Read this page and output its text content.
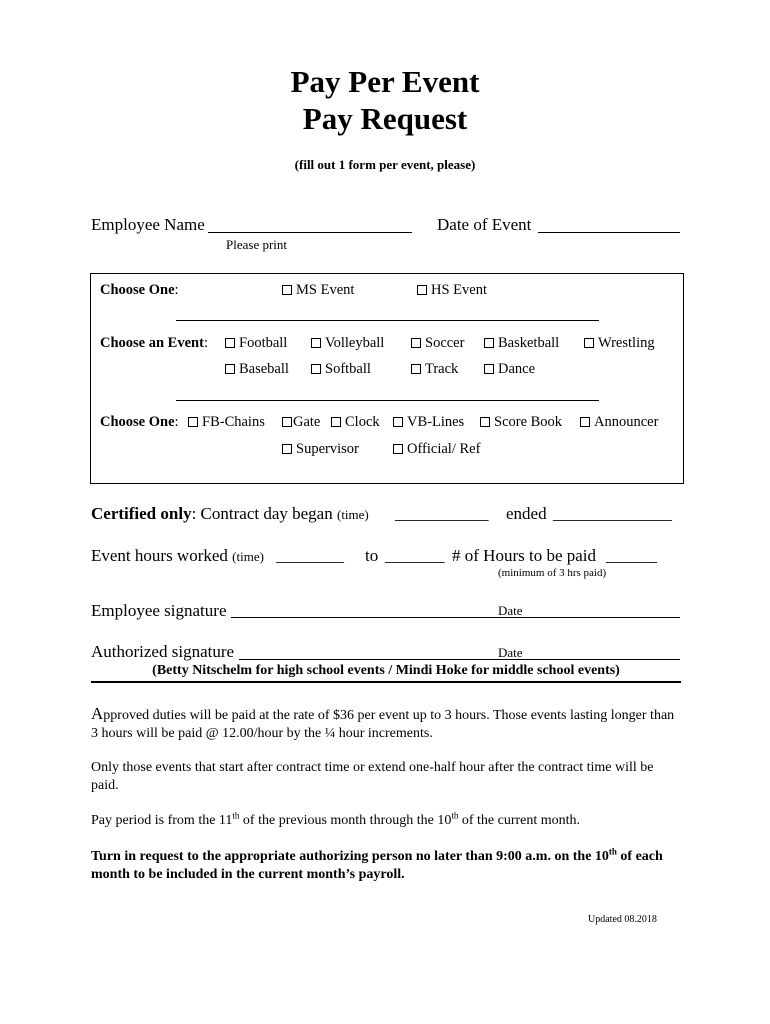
Pay Per Event
Pay Request
(fill out 1 form per event, please)
Employee Name
Please print
Date of Event
Choose One:	MS Event	HS Event
Choose an Event:	Football	Volleyball	Soccer	Basketball	Wrestling
Baseball	Softball	Track	Dance
Choose One:	FB-Chains	Gate	Clock	VB-Lines	Score Book	Announcer
Supervisor	Official/ Ref
Certified only: Contract day began (time) ___________ ended ______________
Event hours worked (time) ________ to _______ # of Hours to be paid ______
(minimum of 3 hrs paid)
Employee signature	Date
Authorized signature	Date
(Betty Nitschelm for high school events / Mindi Hoke for middle school events)
Approved duties will be paid at the rate of $36 per event up to 3 hours. Those events lasting longer than 3 hours will be paid @ 12.00/hour by the ¼ hour increments.
Only those events that start after contract time or extend one-half hour after the contract time will be paid.
Pay period is from the 11th of the previous month through the 10th of the current month.
Turn in request to the appropriate authorizing person no later than 9:00 a.m. on the 10th of each month to be included in the current month’s payroll.
Updated 08.2018
